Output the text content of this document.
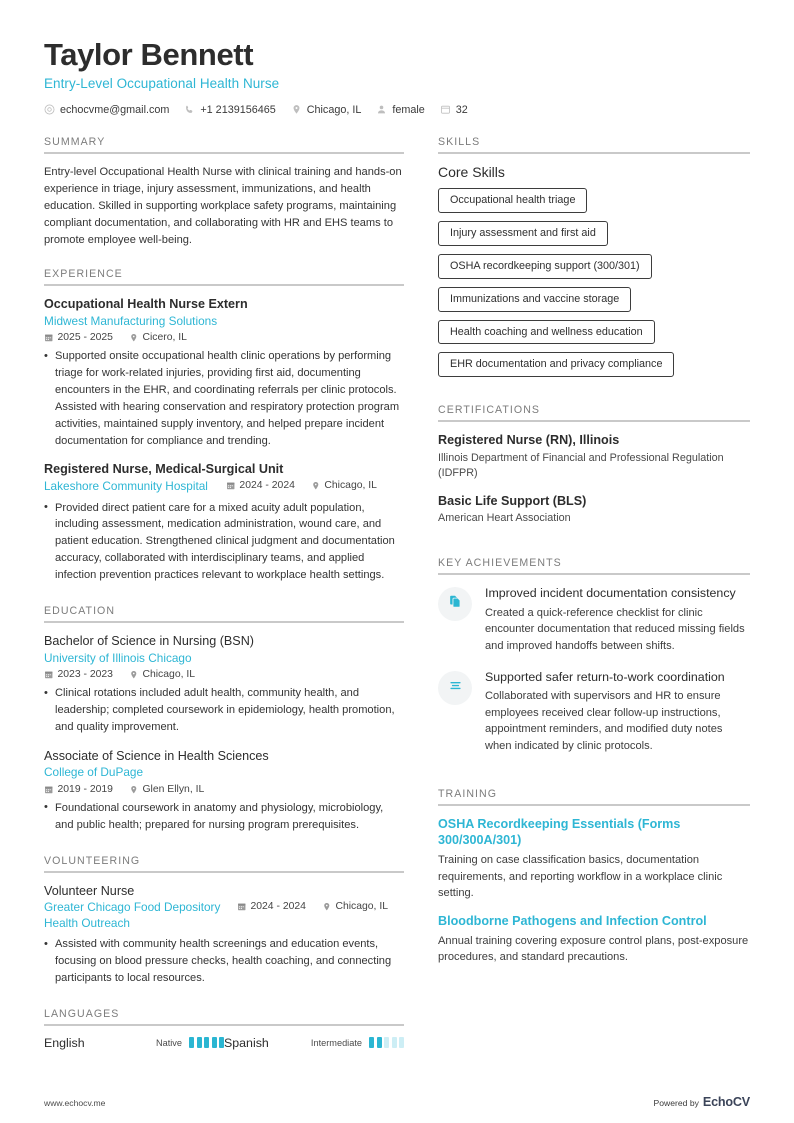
Taylor Bennett
Entry-Level Occupational Health Nurse
echocvme@gmail.com	+1 2139156465	Chicago, IL	female	32
SUMMARY
Entry-level Occupational Health Nurse with clinical training and hands-on experience in triage, injury assessment, immunizations, and health education. Skilled in supporting workplace safety programs, maintaining compliant documentation, and collaborating with HR and EHS teams to promote employee well-being.
EXPERIENCE
Occupational Health Nurse Extern
Midwest Manufacturing Solutions
2025 - 2025	Cicero, IL
• Supported onsite occupational health clinic operations by performing triage for work-related injuries, providing first aid, documenting encounters in the EHR, and coordinating referrals per clinic protocols. Assisted with hearing conservation and respiratory protection program activities, maintained supply inventory, and helped prepare incident documentation for compliance and trending.
Registered Nurse, Medical-Surgical Unit
Lakeshore Community Hospital	2024 - 2024	Chicago, IL
• Provided direct patient care for a mixed acuity adult population, including assessment, medication administration, wound care, and patient education. Strengthened clinical judgment and documentation accuracy, collaborated with interdisciplinary teams, and applied infection prevention practices relevant to workplace health settings.
EDUCATION
Bachelor of Science in Nursing (BSN)
University of Illinois Chicago
2023 - 2023	Chicago, IL
• Clinical rotations included adult health, community health, and leadership; completed coursework in epidemiology, health promotion, and quality improvement.
Associate of Science in Health Sciences
College of DuPage
2019 - 2019	Glen Ellyn, IL
• Foundational coursework in anatomy and physiology, microbiology, and public health; prepared for nursing program prerequisites.
VOLUNTEERING
Volunteer Nurse
Greater Chicago Food Depository Health Outreach
2024 - 2024	Chicago, IL
• Assisted with community health screenings and education events, focusing on blood pressure checks, health coaching, and connecting participants to local resources.
LANGUAGES
English	Native	Spanish	Intermediate
SKILLS
Core Skills
Occupational health triage
Injury assessment and first aid
OSHA recordkeeping support (300/301)
Immunizations and vaccine storage
Health coaching and wellness education
EHR documentation and privacy compliance
CERTIFICATIONS
Registered Nurse (RN), Illinois
Illinois Department of Financial and Professional Regulation (IDFPR)
Basic Life Support (BLS)
American Heart Association
KEY ACHIEVEMENTS
Improved incident documentation consistency
Created a quick-reference checklist for clinic encounter documentation that reduced missing fields and improved handoffs between shifts.
Supported safer return-to-work coordination
Collaborated with supervisors and HR to ensure employees received clear follow-up instructions, appointment reminders, and modified duty notes when indicated by clinic protocols.
TRAINING
OSHA Recordkeeping Essentials (Forms 300/300A/301)
Training on case classification basics, documentation requirements, and reporting workflow in a workplace clinic setting.
Bloodborne Pathogens and Infection Control
Annual training covering exposure control plans, post-exposure procedures, and standard precautions.
www.echocv.me	Powered by EchoCV
